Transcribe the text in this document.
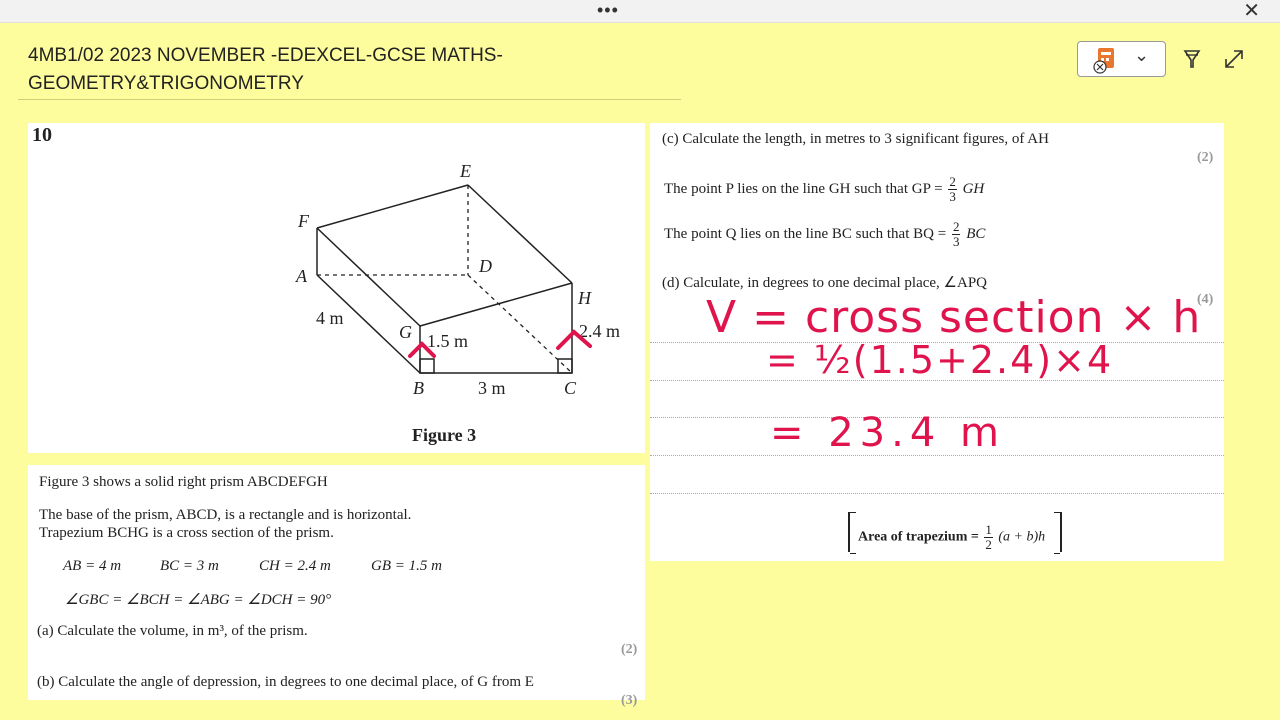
•••	✕
4MB1/02 2023 NOVEMBER -EDEXCEL-GCSE MATHS-
GEOMETRY&TRIGONOMETRY
⌄
10
E
F
A	D
H
G
B	C
4 m
1.5 m	2.4 m
3 m
Figure 3
Figure 3 shows a solid right prism ABCDEFGH
The base of the prism, ABCD, is a rectangle and is horizontal.
Trapezium BCHG is a cross section of the prism.
AB = 4 m	BC = 3 m	CH = 2.4 m	GB = 1.5 m
∠GBC = ∠BCH = ∠ABG = ∠DCH = 90°
(a) Calculate the volume, in m³, of the prism.
(2)
(b) Calculate the angle of depression, in degrees to one decimal place, of G from E
(3)
(c) Calculate the length, in metres to 3 significant figures, of AH
(2)
The point P lies on the line GH such that GP = $\frac{2}{3}$ GH
The point Q lies on the line BC such that BQ = $\frac{2}{3}$ BC
(d) Calculate, in degrees to one decimal place, ∠APQ
(4)
Area of trapezium = $\frac{1}{2} (a + b)h$
V = cross section × h
= ½(1.5+2.4)×4
= 23.4 m
